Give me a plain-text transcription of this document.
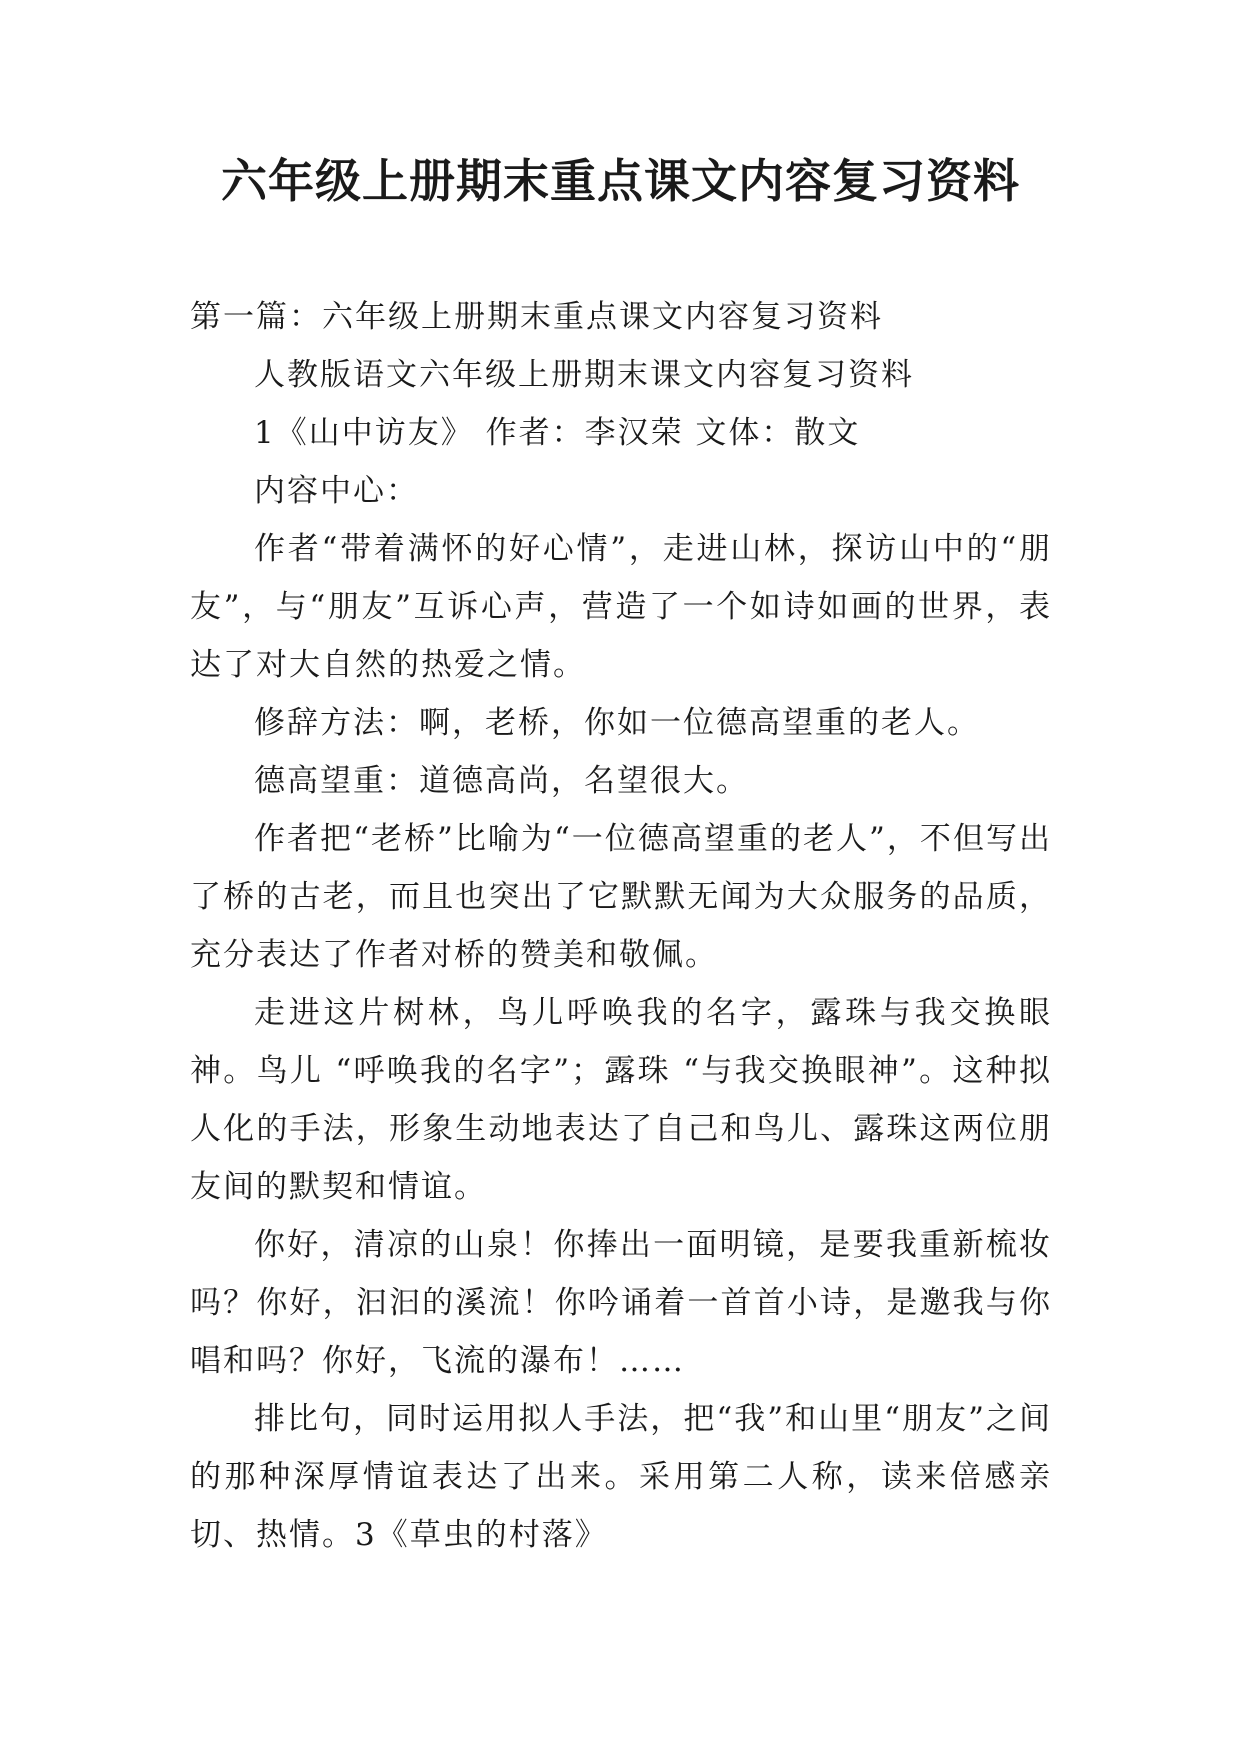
六年级上册期末重点课文内容复习资料

第一篇：六年级上册期末重点课文内容复习资料

人教版语文六年级上册期末课文内容复习资料

1《山中访友》 作者：李汉荣 文体：散文

内容中心：

作者“带着满怀的好心情”，走进山林，探访山中的“朋友”，与“朋友”互诉心声，营造了一个如诗如画的世界，表达了对大自然的热爱之情。

修辞方法：啊，老桥，你如一位德高望重的老人。

德高望重：道德高尚，名望很大。

作者把“老桥”比喻为“一位德高望重的老人”，不但写出了桥的古老，而且也突出了它默默无闻为大众服务的品质，充分表达了作者对桥的赞美和敬佩。

走进这片树林，鸟儿呼唤我的名字，露珠与我交换眼神。鸟儿 “呼唤我的名字”；露珠 “与我交换眼神”。这种拟人化的手法，形象生动地表达了自己和鸟儿、露珠这两位朋友间的默契和情谊。

你好，清凉的山泉！你捧出一面明镜，是要我重新梳妆吗？你好，汩汩的溪流！你吟诵着一首首小诗，是邀我与你唱和吗？你好，飞流的瀑布！……

排比句，同时运用拟人手法，把“我”和山里“朋友”之间的那种深厚情谊表达了出来。采用第二人称，读来倍感亲切、热情。3《草虫的村落》
